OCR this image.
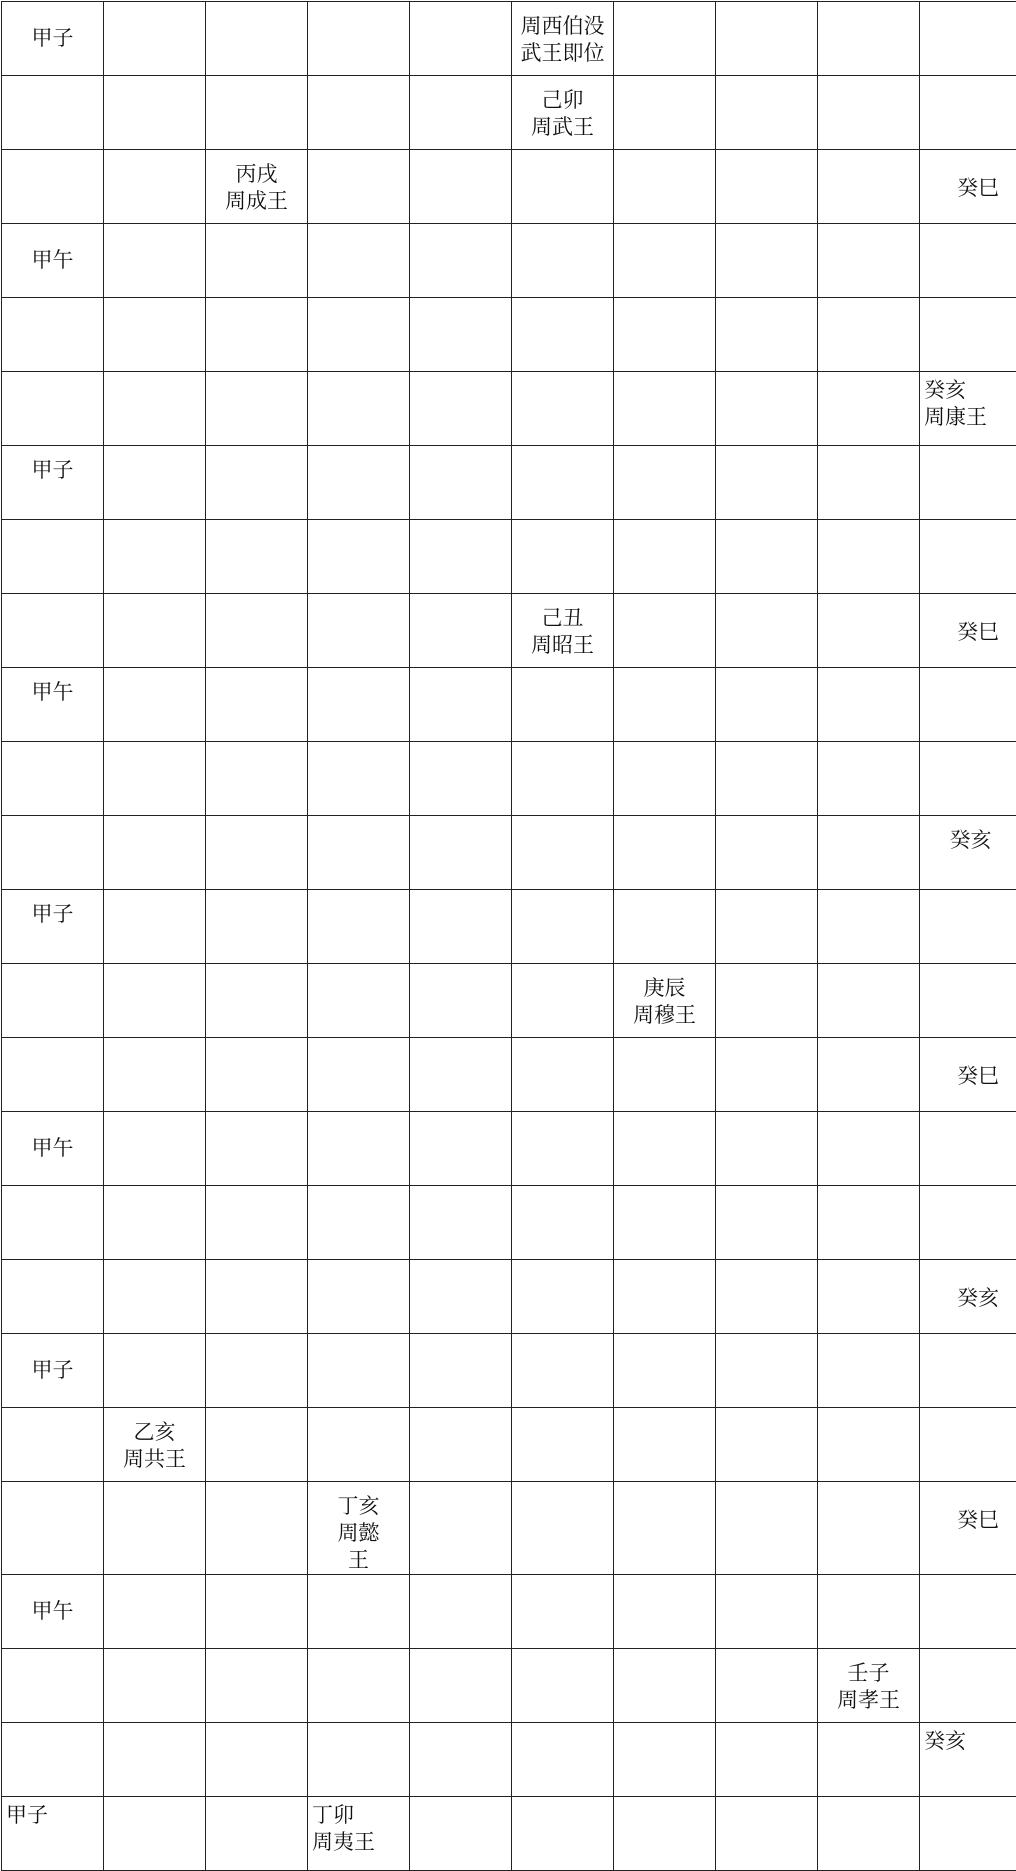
甲子					周西伯没
武王即位				

					己卯
周武王				

		丙戌
周成王							癸巳

甲午									

									癸亥
周康王

甲子									

					己丑
周昭王				癸巳

甲午									

									癸亥

甲子									

						庚辰
周穆王			

									癸巳

甲午									

									癸亥

甲子									

	乙亥
周共王								

			丁亥
周懿
王						癸巳

甲午									

								壬子
周孝王	

									癸亥

甲子			丁卯
周夷王						
